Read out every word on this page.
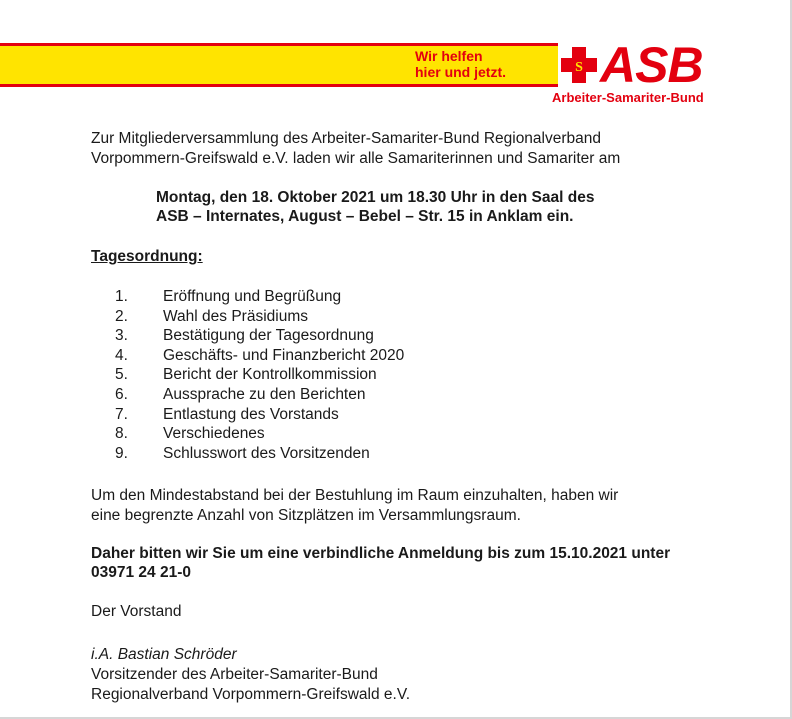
Wir helfen
hier und jetzt.	S ASB
Arbeiter-Samariter-Bund
Zur Mitgliederversammlung des Arbeiter-Samariter-Bund Regionalverband
Vorpommern-Greifswald e.V. laden wir alle Samariterinnen und Samariter am
Montag, den 18. Oktober 2021 um 18.30 Uhr in den Saal des
ASB – Internates, August – Bebel – Str. 15 in Anklam ein.
Tagesordnung:
1.	Eröffnung und Begrüßung
2.	Wahl des Präsidiums
3.	Bestätigung der Tagesordnung
4.	Geschäfts- und Finanzbericht 2020
5.	Bericht der Kontrollkommission
6.	Aussprache zu den Berichten
7.	Entlastung des Vorstands
8.	Verschiedenes
9.	Schlusswort des Vorsitzenden
Um den Mindestabstand bei der Bestuhlung im Raum einzuhalten, haben wir
eine begrenzte Anzahl von Sitzplätzen im Versammlungsraum.
Daher bitten wir Sie um eine verbindliche Anmeldung bis zum 15.10.2021 unter
03971 24 21-0
Der Vorstand
i.A. Bastian Schröder
Vorsitzender des Arbeiter-Samariter-Bund
Regionalverband Vorpommern-Greifswald e.V.
